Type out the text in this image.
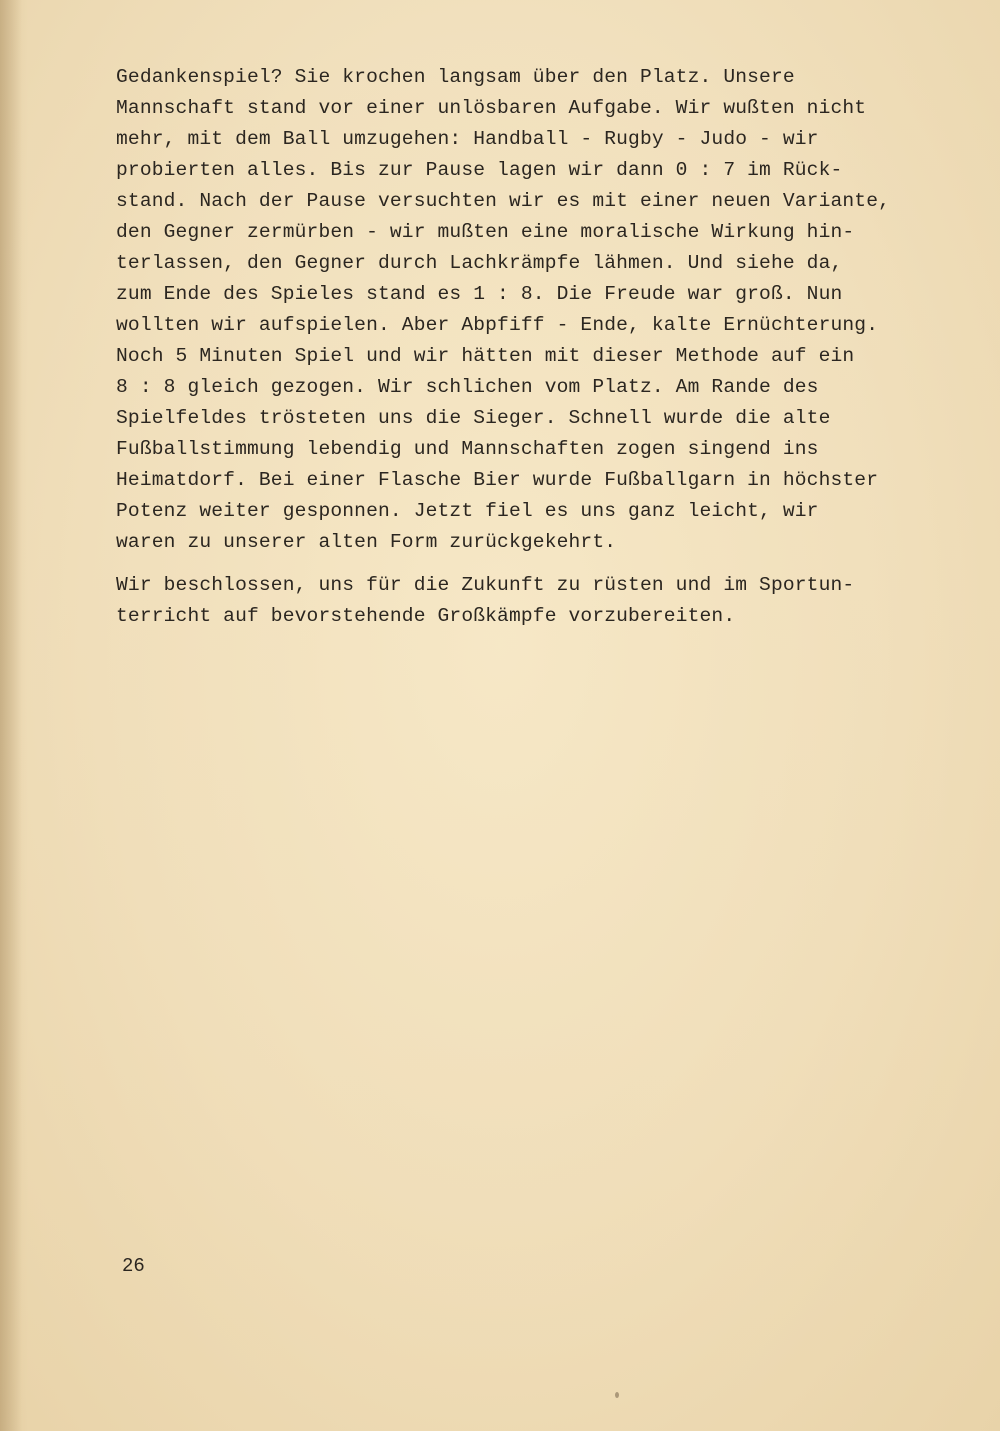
Gedankenspiel? Sie krochen langsam über den Platz. Unsere
Mannschaft stand vor einer unlösbaren Aufgabe. Wir wußten nicht
mehr, mit dem Ball umzugehen: Handball - Rugby - Judo - wir
probierten alles. Bis zur Pause lagen wir dann 0 : 7 im Rück-
stand. Nach der Pause versuchten wir es mit einer neuen Variante,
den Gegner zermürben - wir mußten eine moralische Wirkung hin-
terlassen, den Gegner durch Lachkrämpfe lähmen. Und siehe da,
zum Ende des Spieles stand es 1 : 8. Die Freude war groß. Nun
wollten wir aufspielen. Aber Abpfiff - Ende, kalte Ernüchterung.
Noch 5 Minuten Spiel und wir hätten mit dieser Methode auf ein
8 : 8 gleich gezogen. Wir schlichen vom Platz. Am Rande des
Spielfeldes trösteten uns die Sieger. Schnell wurde die alte
Fußballstimmung lebendig und Mannschaften zogen singend ins
Heimatdorf. Bei einer Flasche Bier wurde Fußballgarn in höchster
Potenz weiter gesponnen. Jetzt fiel es uns ganz leicht, wir
waren zu unserer alten Form zurückgekehrt.
Wir beschlossen, uns für die Zukunft zu rüsten und im Sportun-
terricht auf bevorstehende Großkämpfe vorzubereiten.
26
